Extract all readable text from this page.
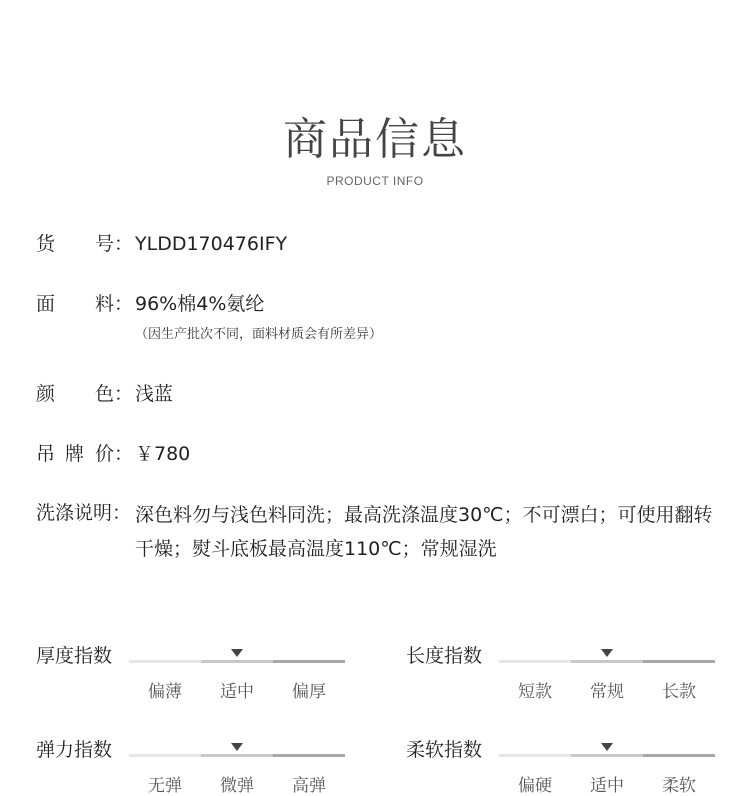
商品信息
PRODUCT INFO
货 号： YLDD170476IFY
面 料： 96%棉4%氨纶
（因生产批次不同，面料材质会有所差异）
颜 色： 浅蓝
吊 牌 价： ￥780
洗涤说明： 深色料勿与浅色料同洗；最高洗涤温度30℃；不可漂白；可使用翻转干燥；熨斗底板最高温度110℃；常规湿洗
厚度指数
偏薄	适中	偏厚
长度指数
短款	常规	长款
弹力指数
无弹	微弹	高弹
柔软指数
偏硬	适中	柔软
